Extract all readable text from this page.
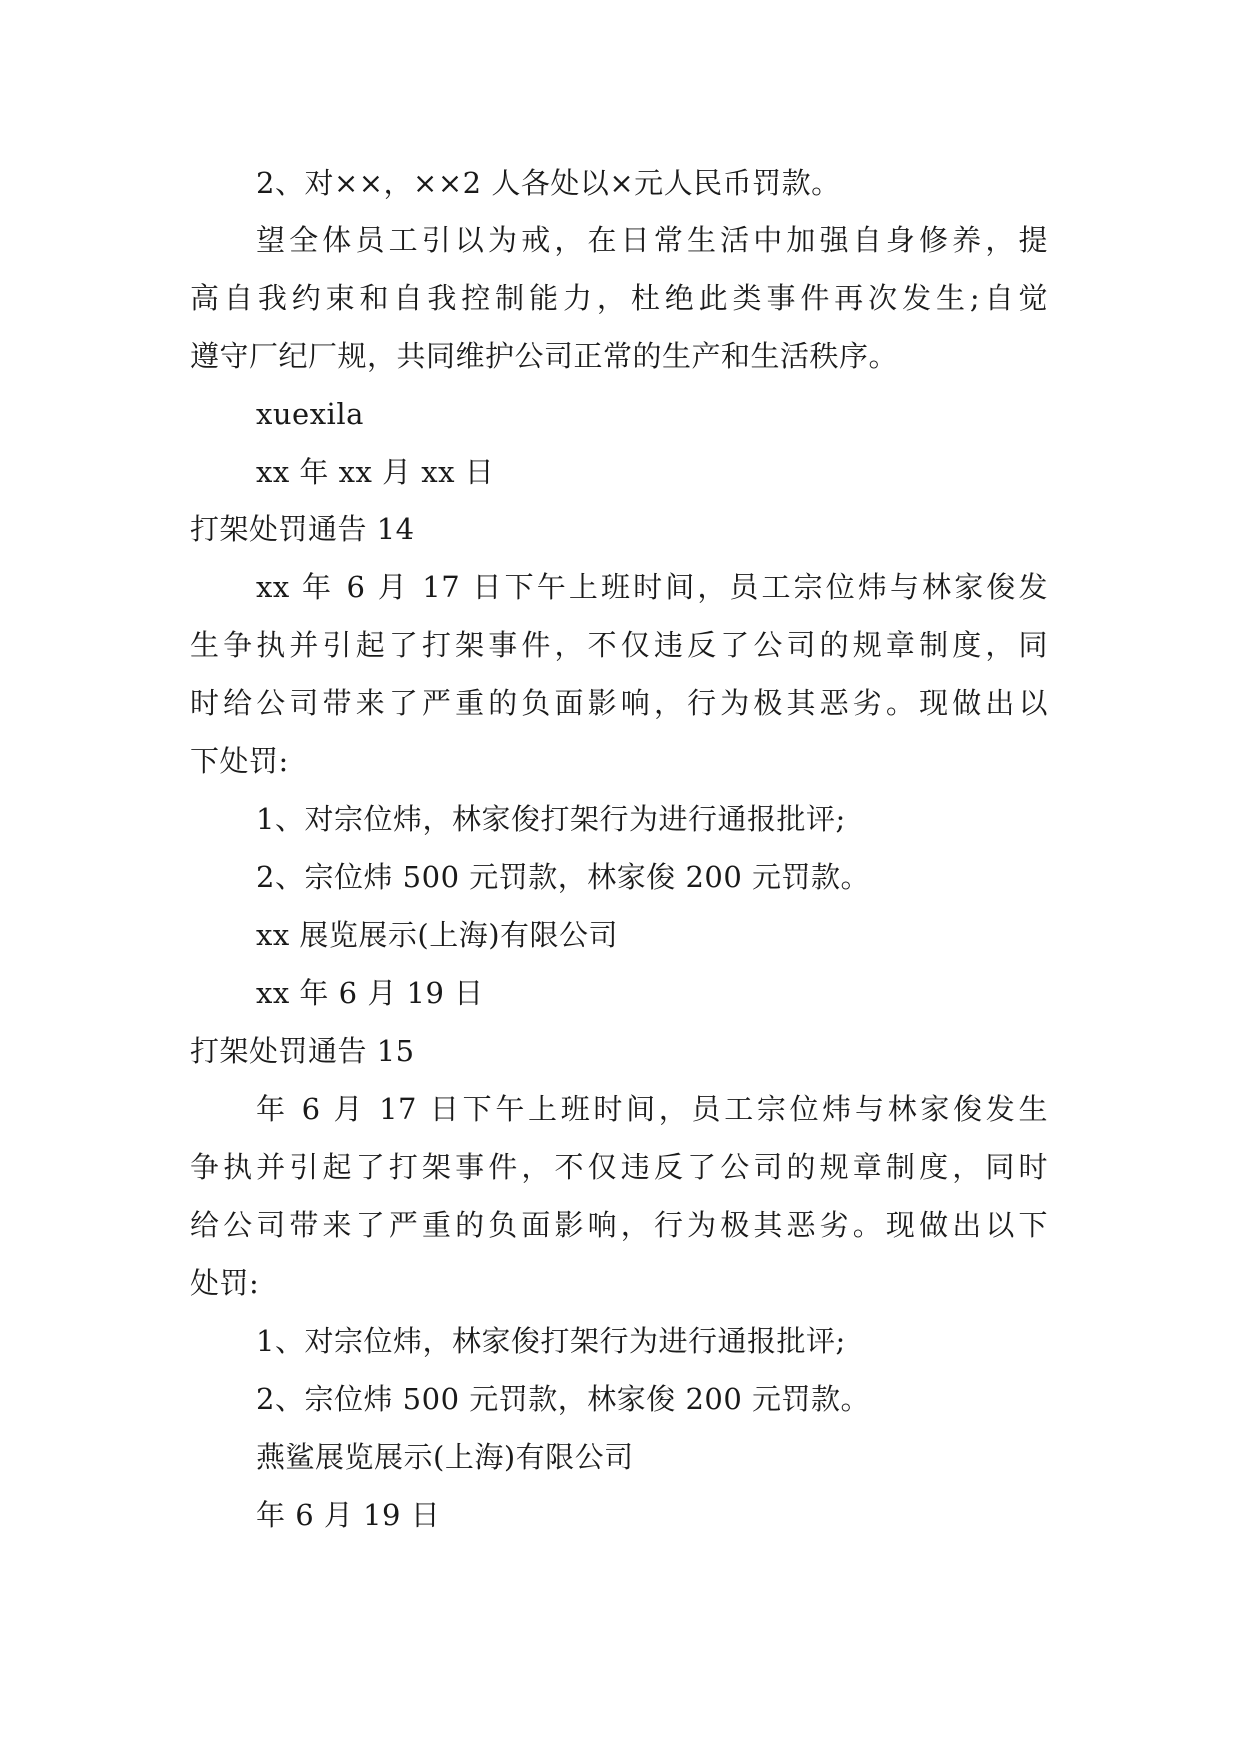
2、对××，××2 人各处以×元人民币罚款。
望全体员工引以为戒，在日常生活中加强自身修养，提
高自我约束和自我控制能力，杜绝此类事件再次发生;自觉
遵守厂纪厂规，共同维护公司正常的生产和生活秩序。
xuexila
xx 年 xx 月 xx 日
打架处罚通告 14
xx 年 6 月 17 日下午上班时间，员工宗位炜与林家俊发
生争执并引起了打架事件，不仅违反了公司的规章制度，同
时给公司带来了严重的负面影响，行为极其恶劣。现做出以
下处罚:
1、对宗位炜，林家俊打架行为进行通报批评;
2、宗位炜 500 元罚款，林家俊 200 元罚款。
xx 展览展示(上海)有限公司
xx 年 6 月 19 日
打架处罚通告 15
年 6 月 17 日下午上班时间，员工宗位炜与林家俊发生
争执并引起了打架事件，不仅违反了公司的规章制度，同时
给公司带来了严重的负面影响，行为极其恶劣。现做出以下
处罚:
1、对宗位炜，林家俊打架行为进行通报批评;
2、宗位炜 500 元罚款，林家俊 200 元罚款。
燕鲨展览展示(上海)有限公司
年 6 月 19 日
